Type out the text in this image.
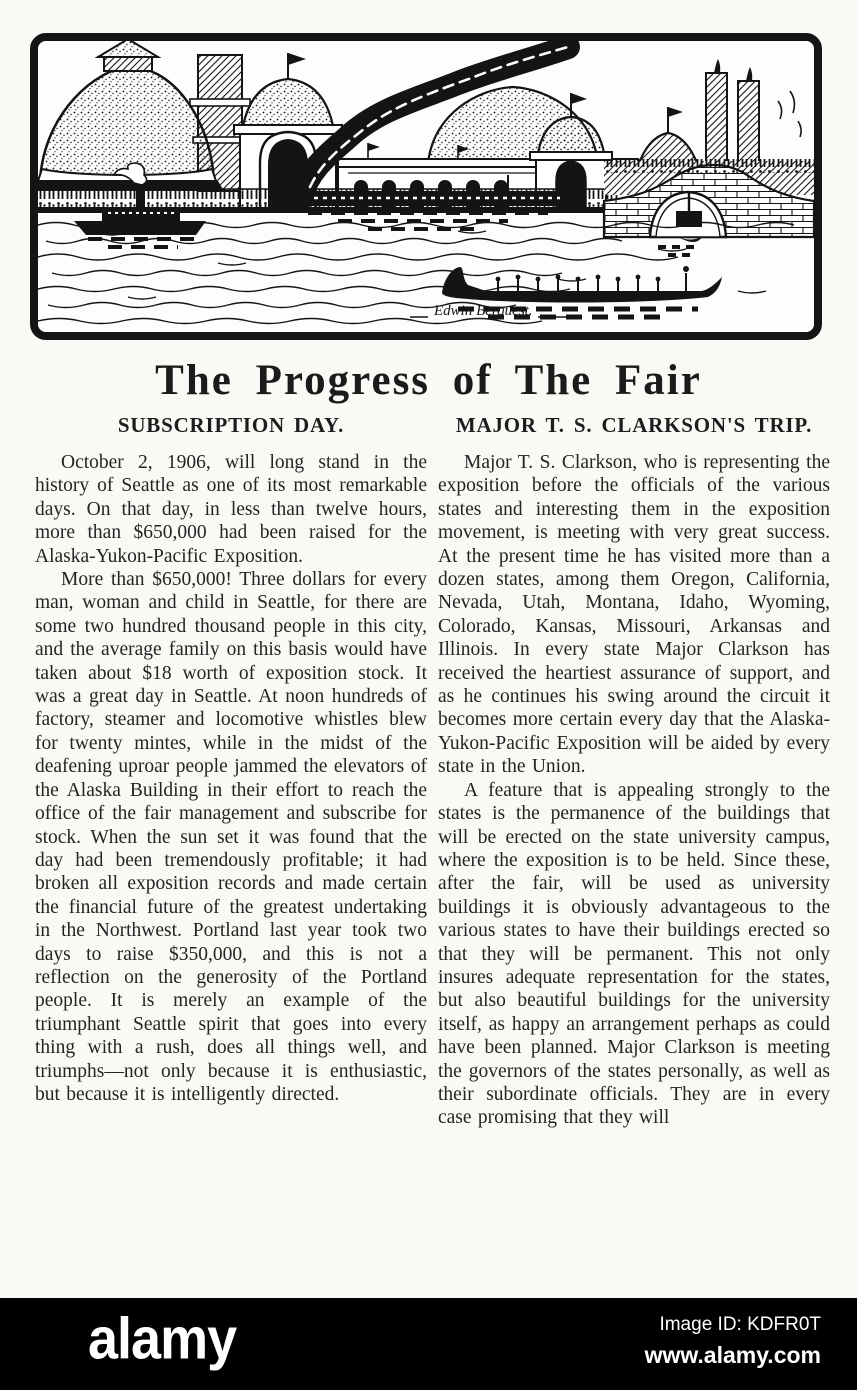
Edwin Berquest.
The Progress of The Fair
SUBSCRIPTION DAY.

October 2, 1906, will long stand in the history of Seattle as one of its most remarkable days. On that day, in less than twelve hours, more than $650,000 had been raised for the Alaska-Yukon-Pacific Exposition.

More than $650,000! Three dollars for every man, woman and child in Seattle, for there are some two hundred thousand people in this city, and the average family on this basis would have taken about $18 worth of exposition stock. It was a great day in Seattle. At noon hundreds of factory, steamer and locomotive whistles blew for twenty mintes, while in the midst of the deafening uproar people jammed the elevators of the Alaska Building in their effort to reach the office of the fair management and subscribe for stock. When the sun set it was found that the day had been tremendously profitable; it had broken all exposition records and made certain the financial future of the greatest undertaking in the Northwest. Portland last year took two days to raise $350,000, and this is not a reflection on the generosity of the Portland people. It is merely an example of the triumphant Seattle spirit that goes into every thing with a rush, does all things well, and triumphs—not only because it is enthusiastic, but because it is intelligently directed.

MAJOR T. S. CLARKSON'S TRIP.

Major T. S. Clarkson, who is representing the exposition before the officials of the various states and interesting them in the exposition movement, is meeting with very great success. At the present time he has visited more than a dozen states, among them Oregon, California, Nevada, Utah, Montana, Idaho, Wyoming, Colorado, Kansas, Missouri, Arkansas and Illinois. In every state Major Clarkson has received the heartiest assurance of support, and as he continues his swing around the circuit it becomes more certain every day that the Alaska-Yukon-Pacific Exposition will be aided by every state in the Union.

A feature that is appealing strongly to the states is the permanence of the buildings that will be erected on the state university campus, where the exposition is to be held. Since these, after the fair, will be used as university buildings it is obviously advantageous to the various states to have their buildings erected so that they will be permanent. This not only insures adequate representation for the states, but also beautiful buildings for the university itself, as happy an arrangement perhaps as could have been planned. Major Clarkson is meeting the governors of the states personally, as well as their subordinate officials. They are in every case promising that they will

alamy	Image ID: KDFR0T
www.alamy.com
